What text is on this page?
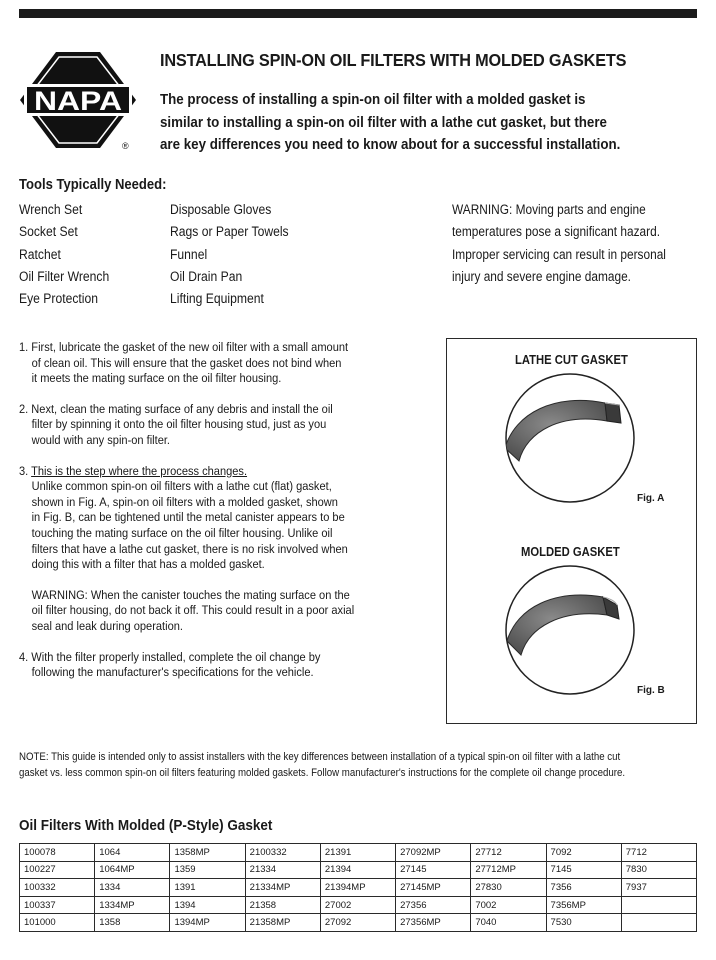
NAPA
®
INSTALLING SPIN-ON OIL FILTERS WITH MOLDED GASKETS
The process of installing a spin-on oil filter with a molded gasket is
similar to installing a spin-on oil filter with a lathe cut gasket, but there
are key differences you need to know about for a successful installation.
Tools Typically Needed:
Wrench Set
Socket Set
Ratchet
Oil Filter Wrench
Eye Protection
Disposable Gloves
Rags or Paper Towels
Funnel
Oil Drain Pan
Lifting Equipment
WARNING: Moving parts and engine
temperatures pose a significant hazard.
Improper servicing can result in personal
injury and severe engine damage.
1. First, lubricate the gasket of the new oil filter with a small amount
of clean oil. This will ensure that the gasket does not bind when
it meets the mating surface on the oil filter housing.
2. Next, clean the mating surface of any debris and install the oil
filter by spinning it onto the oil filter housing stud, just as you
would with any spin-on filter.
3. This is the step where the process changes.
Unlike common spin-on oil filters with a lathe cut (flat) gasket,
shown in Fig. A, spin-on oil filters with a molded gasket, shown
in Fig. B, can be tightened until the metal canister appears to be
touching the mating surface on the oil filter housing. Unlike oil
filters that have a lathe cut gasket, there is no risk involved when
doing this with a filter that has a molded gasket.
WARNING: When the canister touches the mating surface on the
oil filter housing, do not back it off. This could result in a poor axial
seal and leak during operation.
4. With the filter properly installed, complete the oil change by
following the manufacturer's specifications for the vehicle.
LATHE CUT GASKET
Fig. A
MOLDED GASKET
Fig. B
NOTE: This guide is intended only to assist installers with the key differences between installation of a typical spin-on oil filter with a lathe cut
gasket vs. less common spin-on oil filters featuring molded gaskets. Follow manufacturer's instructions for the complete oil change procedure.
Oil Filters With Molded (P-Style) Gasket
100078	1064	1358MP	2100332	21391	27092MP	27712	7092	7712
100227	1064MP	1359	21334	21394	27145	27712MP	7145	7830
100332	1334	1391	21334MP	21394MP	27145MP	27830	7356	7937
100337	1334MP	1394	21358	27002	27356	7002	7356MP	
101000	1358	1394MP	21358MP	27092	27356MP	7040	7530	
